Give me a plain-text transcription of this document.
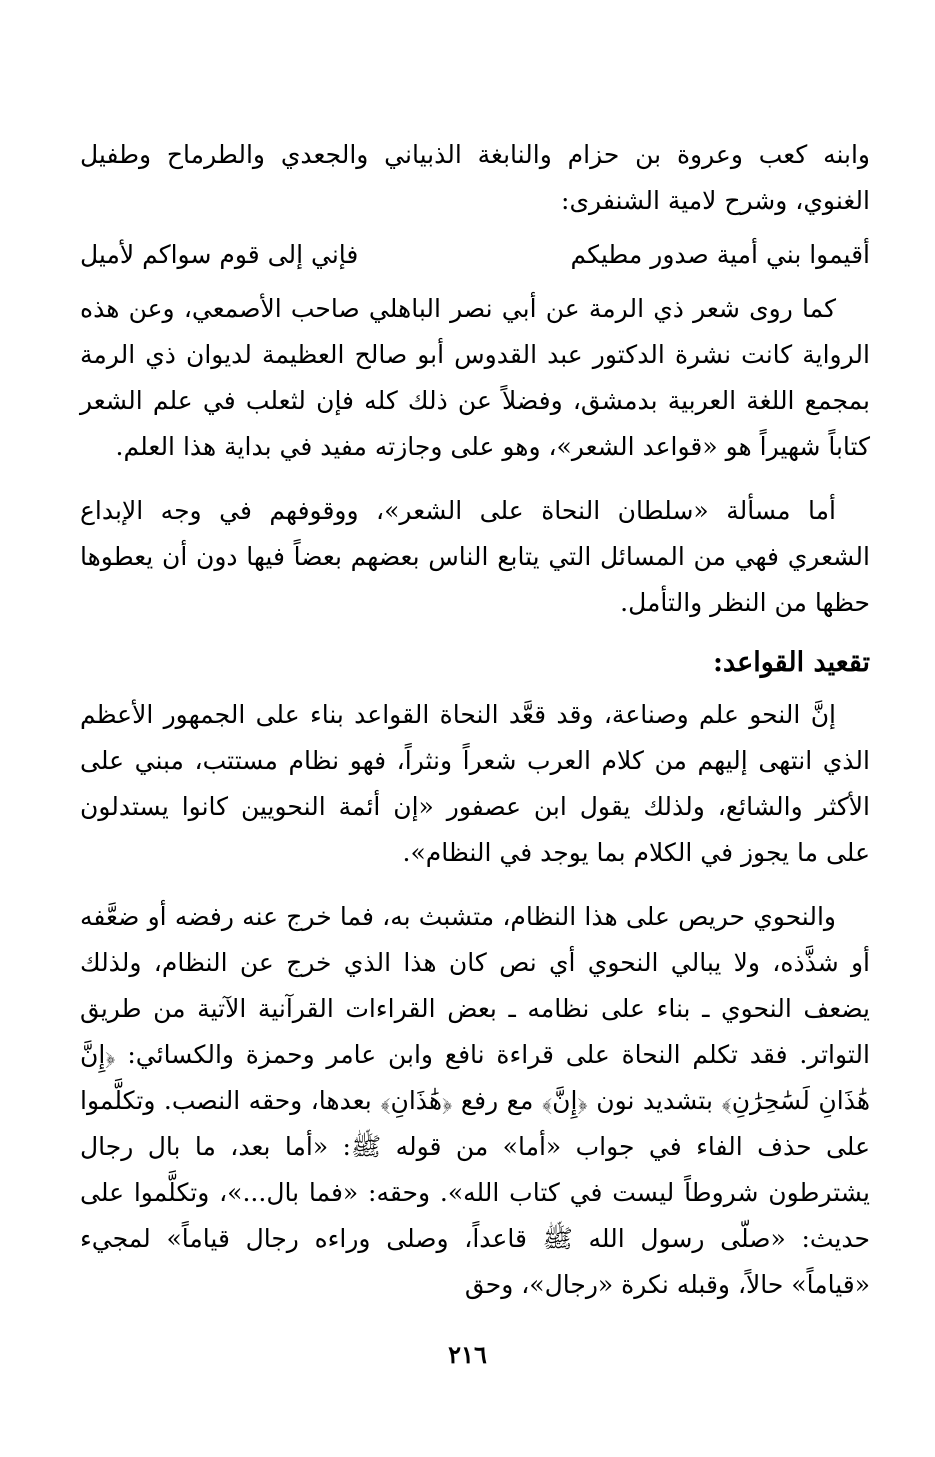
وابنه كعب وعروة بن حزام والنابغة الذبياني والجعدي والطرماح وطفيل الغنوي، وشرح لامية الشنفرى:

أقيموا بني أمية صدور مطيكم
فإني إلى قوم سواكم لأميل

كما روى شعر ذي الرمة عن أبي نصر الباهلي صاحب الأصمعي، وعن هذه الرواية كانت نشرة الدكتور عبد القدوس أبو صالح العظيمة لديوان ذي الرمة بمجمع اللغة العربية بدمشق، وفضلاً عن ذلك كله فإن لثعلب في علم الشعر كتاباً شهيراً هو «قواعد الشعر»، وهو على وجازته مفيد في بداية هذا العلم.

أما مسألة «سلطان النحاة على الشعر»، ووقوفهم في وجه الإبداع الشعري فهي من المسائل التي يتابع الناس بعضهم بعضاً فيها دون أن يعطوها حظها من النظر والتأمل.

تقعيد القواعد:

إنَّ النحو علم وصناعة، وقد قعَّد النحاة القواعد بناء على الجمهور الأعظم الذي انتهى إليهم من كلام العرب شعراً ونثراً، فهو نظام مستتب، مبني على الأكثر والشائع، ولذلك يقول ابن عصفور «إن أئمة النحويين كانوا يستدلون على ما يجوز في الكلام بما يوجد في النظام».

والنحوي حريص على هذا النظام، متشبث به، فما خرج عنه رفضه أو ضعَّفه أو شذَّذه، ولا يبالي النحوي أي نص كان هذا الذي خرج عن النظام، ولذلك يضعف النحوي ـ بناء على نظامه ـ بعض القراءات القرآنية الآتية من طريق التواتر. فقد تكلم النحاة على قراءة نافع وابن عامر وحمزة والكسائي: ﴿إِنَّ هَٰذَانِ لَسَٰحِرَٰنِ﴾ بتشديد نون ﴿إِنَّ﴾ مع رفع ﴿هَٰذَانِ﴾ بعدها، وحقه النصب. وتكلَّموا على حذف الفاء في جواب «أما» من قوله ﷺ: «أما بعد، ما بال رجال يشترطون شروطاً ليست في كتاب الله». وحقه: «فما بال...»، وتكلَّموا على حديث: «صلّى رسول الله ﷺ قاعداً، وصلى وراءه رجال قياماً» لمجيء «قياماً» حالاً، وقبله نكرة «رجال»، وحق

٢١٦
